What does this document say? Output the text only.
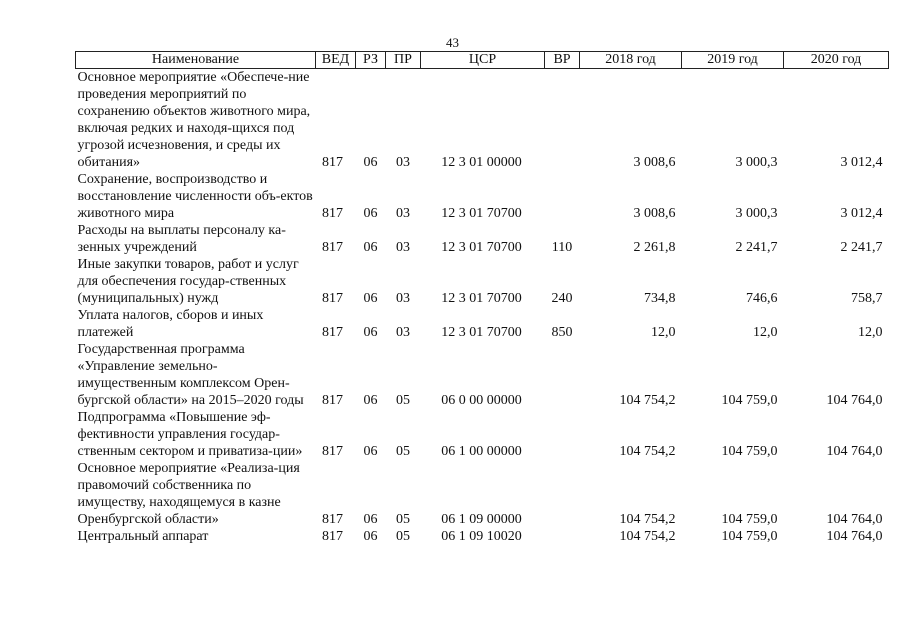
43
Наименование	ВЕД	РЗ	ПР	ЦСР	ВР	2018 год	2019 год	2020 год
Основное мероприятие «Обеспече-ние проведения мероприятий по сохранению объектов животного мира, включая редких и находя-щихся под угрозой исчезновения, и среды их обитания»	817	06	03	12 3 01 00000		3 008,6	3 000,3	3 012,4
Сохранение, воспроизводство и восстановление численности объ-ектов животного мира	817	06	03	12 3 01 70700		3 008,6	3 000,3	3 012,4
Расходы на выплаты персоналу ка-зенных учреждений	817	06	03	12 3 01 70700	110	2 261,8	2 241,7	2 241,7
Иные закупки товаров, работ и услуг для обеспечения государ-ственных (муниципальных) нужд	817	06	03	12 3 01 70700	240	734,8	746,6	758,7
Уплата налогов, сборов и иных платежей	817	06	03	12 3 01 70700	850	12,0	12,0	12,0
Государственная программа «Управление земельно-имущественным комплексом Орен-бургской области» на 2015–2020 годы	817	06	05	06 0 00 00000		104 754,2	104 759,0	104 764,0
Подпрограмма «Повышение эф-фективности управления государ-ственным сектором и приватиза-ции»	817	06	05	06 1 00 00000		104 754,2	104 759,0	104 764,0
Основное мероприятие «Реализа-ция правомочий собственника по имуществу, находящемуся в казне Оренбургской области»	817	06	05	06 1 09 00000		104 754,2	104 759,0	104 764,0
Центральный аппарат	817	06	05	06 1 09 10020		104 754,2	104 759,0	104 764,0
